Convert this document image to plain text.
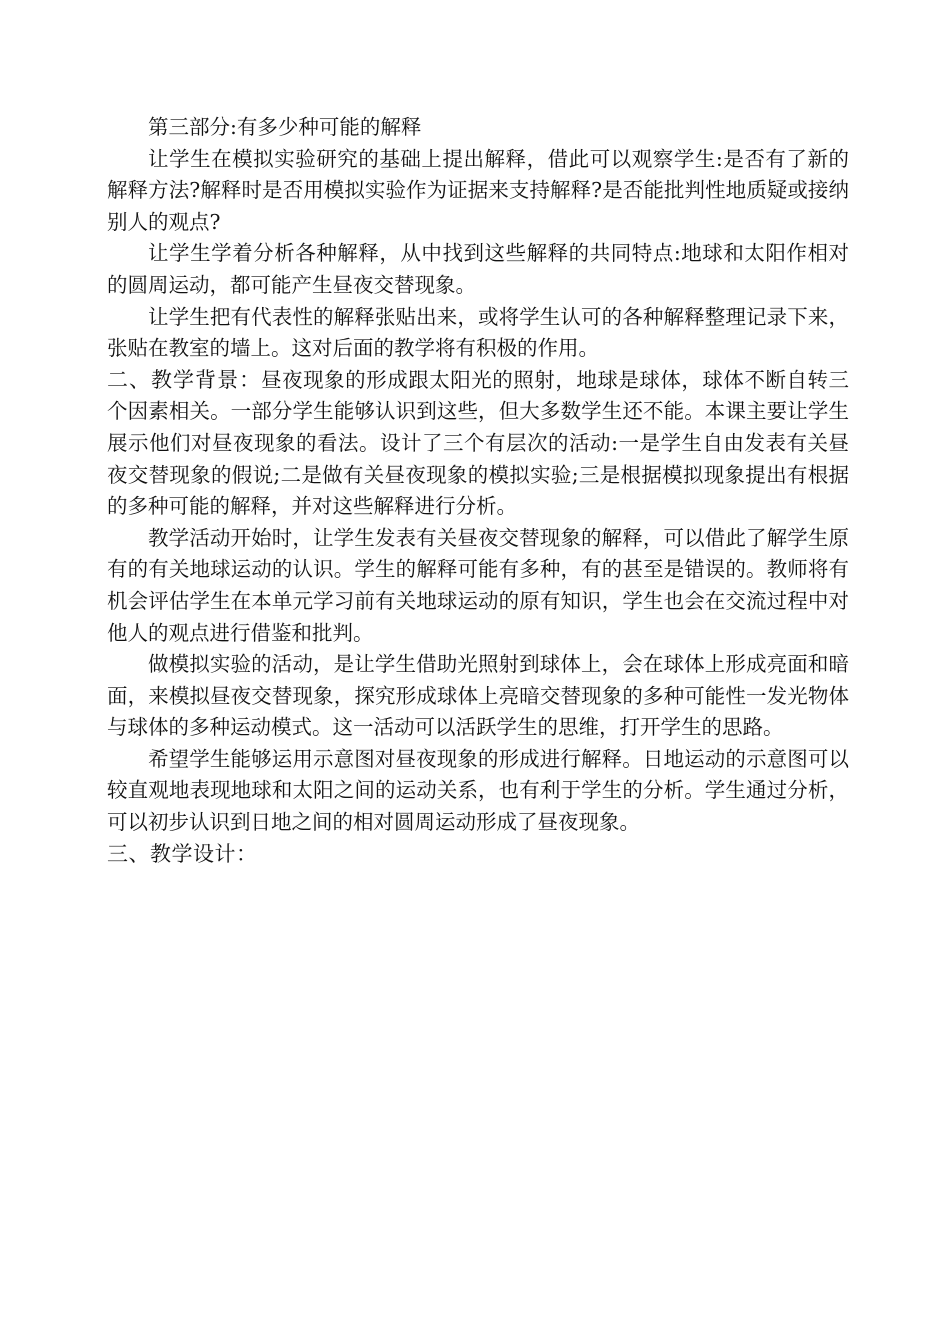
第三部分:有多少种可能的解释

让学生在模拟实验研究的基础上提出解释，借此可以观察学生:是否有了新的解释方法?解释时是否用模拟实验作为证据来支持解释?是否能批判性地质疑或接纳别人的观点?

让学生学着分析各种解释，从中找到这些解释的共同特点:地球和太阳作相对的圆周运动，都可能产生昼夜交替现象。

让学生把有代表性的解释张贴出来，或将学生认可的各种解释整理记录下来，张贴在教室的墙上。这对后面的教学将有积极的作用。

二、教学背景：昼夜现象的形成跟太阳光的照射，地球是球体，球体不断自转三个因素相关。一部分学生能够认识到这些，但大多数学生还不能。本课主要让学生展示他们对昼夜现象的看法。设计了三个有层次的活动:一是学生自由发表有关昼夜交替现象的假说;二是做有关昼夜现象的模拟实验;三是根据模拟现象提出有根据的多种可能的解释，并对这些解释进行分析。

教学活动开始时，让学生发表有关昼夜交替现象的解释，可以借此了解学生原有的有关地球运动的认识。学生的解释可能有多种，有的甚至是错误的。教师将有机会评估学生在本单元学习前有关地球运动的原有知识，学生也会在交流过程中对他人的观点进行借鉴和批判。

做模拟实验的活动，是让学生借助光照射到球体上，会在球体上形成亮面和暗面，来模拟昼夜交替现象，探究形成球体上亮暗交替现象的多种可能性一发光物体与球体的多种运动模式。这一活动可以活跃学生的思维，打开学生的思路。

希望学生能够运用示意图对昼夜现象的形成进行解释。日地运动的示意图可以较直观地表现地球和太阳之间的运动关系，也有利于学生的分析。学生通过分析，可以初步认识到日地之间的相对圆周运动形成了昼夜现象。

三、教学设计：
